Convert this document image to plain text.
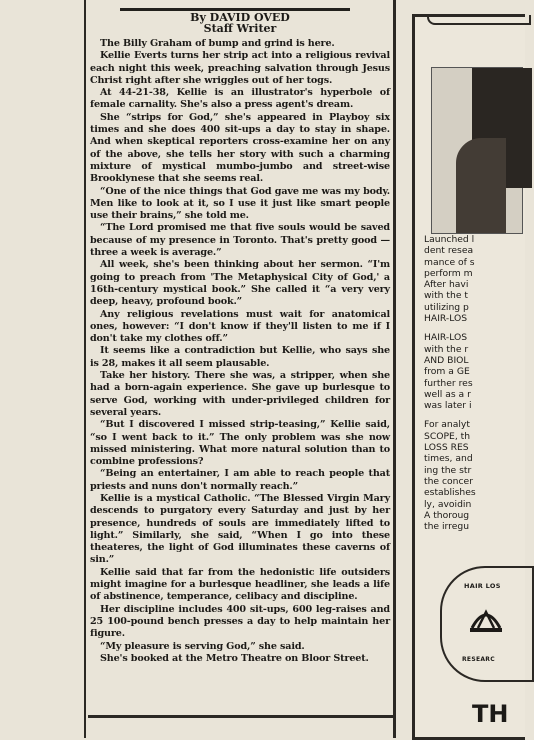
By DAVID OVED
Staff Writer

The Billy Graham of bump and grind is here.

Kellie Everts turns her strip act into a religious revival each night this week, preaching salvation through Jesus Christ right after she wriggles out of her togs.

At 44-21-38, Kellie is an illustrator's hyperbole of female carnality. She's also a press agent's dream.

She “strips for God,” she's appeared in Playboy six times and she does 400 sit-ups a day to stay in shape. And when skeptical reporters cross-examine her on any of the above, she tells her story with such a charming mixture of mystical mumbo-jumbo and street-wise Brooklynese that she seems real.

“One of the nice things that God gave me was my body. Men like to look at it, so I use it just like smart people use their brains,” she told me.

“The Lord promised me that five souls would be saved because of my presence in Toronto. That's pretty good — three a week is average.”

All week, she's been thinking about her sermon. “I'm going to preach from 'The Metaphysical City of God,' a 16th-century mystical book.” She called it “a very very deep, heavy, profound book.”

Any religious revelations must wait for anatomical ones, however: “I don't know if they'll listen to me if I don't take my clothes off.”

It seems like a contradiction but Kellie, who says she is 28, makes it all seem plausable.

Take her history. There she was, a stripper, when she had a born-again experience. She gave up burlesque to serve God, working with under-privileged children for several years.

“But I discovered I missed strip-teasing,” Kellie said, “so I went back to it.” The only problem was she now missed ministering. What more natural solution than to combine professions?

“Being an entertainer, I am able to reach people that priests and nuns don't normally reach.”

Kellie is a mystical Catholic. “The Blessed Virgin Mary descends to purgatory every Saturday and just by her presence, hundreds of souls are immediately lifted to light.” Similarly, she said, “When I go into these theateres, the light of God illuminates these caverns of sin.”

Kellie said that far from the hedonistic life outsiders might imagine for a burlesque headliner, she leads a life of abstinence, temperance, celibacy and discipline.

Her discipline includes 400 sit-ups, 600 leg-raises and 25 100-pound bench presses a day to help maintain her figure.

“My pleasure is serving God,” she said.

She's booked at the Metro Theatre on Bloor Street.

Launched l
dent resea
mance of s
perform m
After havi
with the t
utilizing p
HAIR-LOS
HAIR-LOS
with the r
AND BIOL
from a GE
further res
well as a r
was later i
For analyt
SCOPE, th
LOSS RES
times, and
ing the str
the concer
establishes
ly, avoidin
A thoroug
the irregu
HAIR LOS
RESEARC
TH
